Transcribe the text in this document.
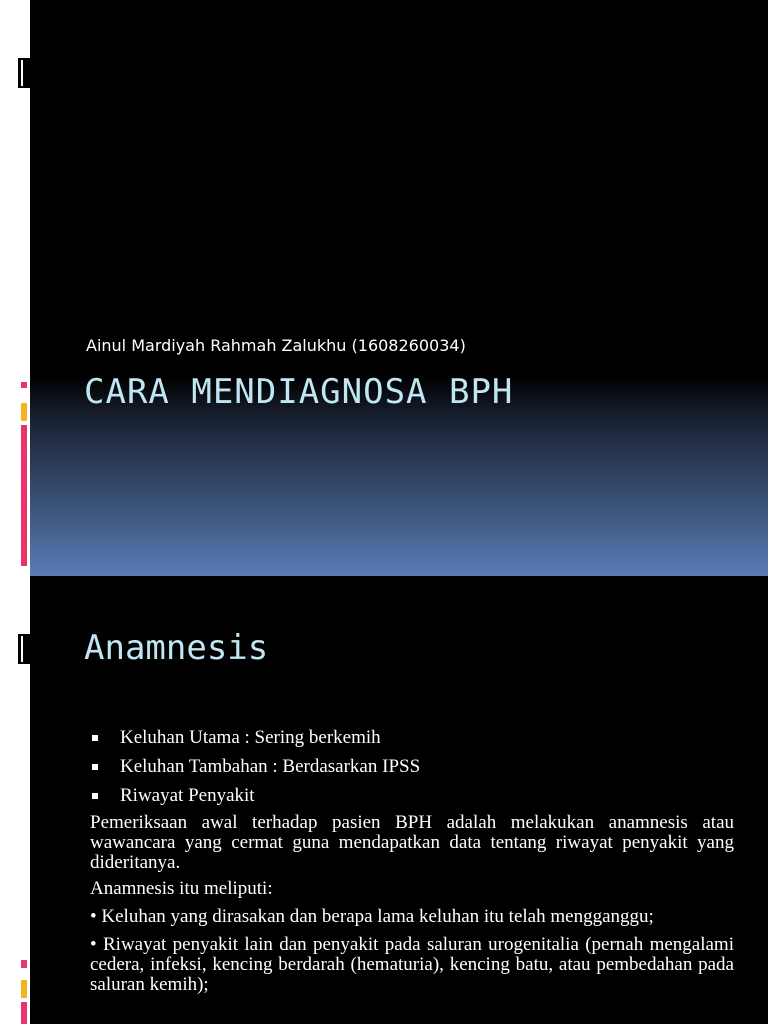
Ainul Mardiyah Rahmah Zalukhu (1608260034)
CARA MENDIAGNOSA BPH
Anamnesis
Keluhan Utama : Sering berkemih
Keluhan Tambahan : Berdasarkan IPSS
Riwayat Penyakit

Pemeriksaan awal terhadap pasien BPH adalah melakukan anamnesis atau wawancara yang cermat guna mendapatkan data tentang riwayat penyakit yang dideritanya.

Anamnesis itu meliputi:

• Keluhan yang dirasakan dan berapa lama keluhan itu telah mengganggu;

• Riwayat penyakit lain dan penyakit pada saluran urogenitalia (pernah mengalami cedera, infeksi, kencing berdarah (hematuria), kencing batu, atau pembedahan pada saluran kemih);
